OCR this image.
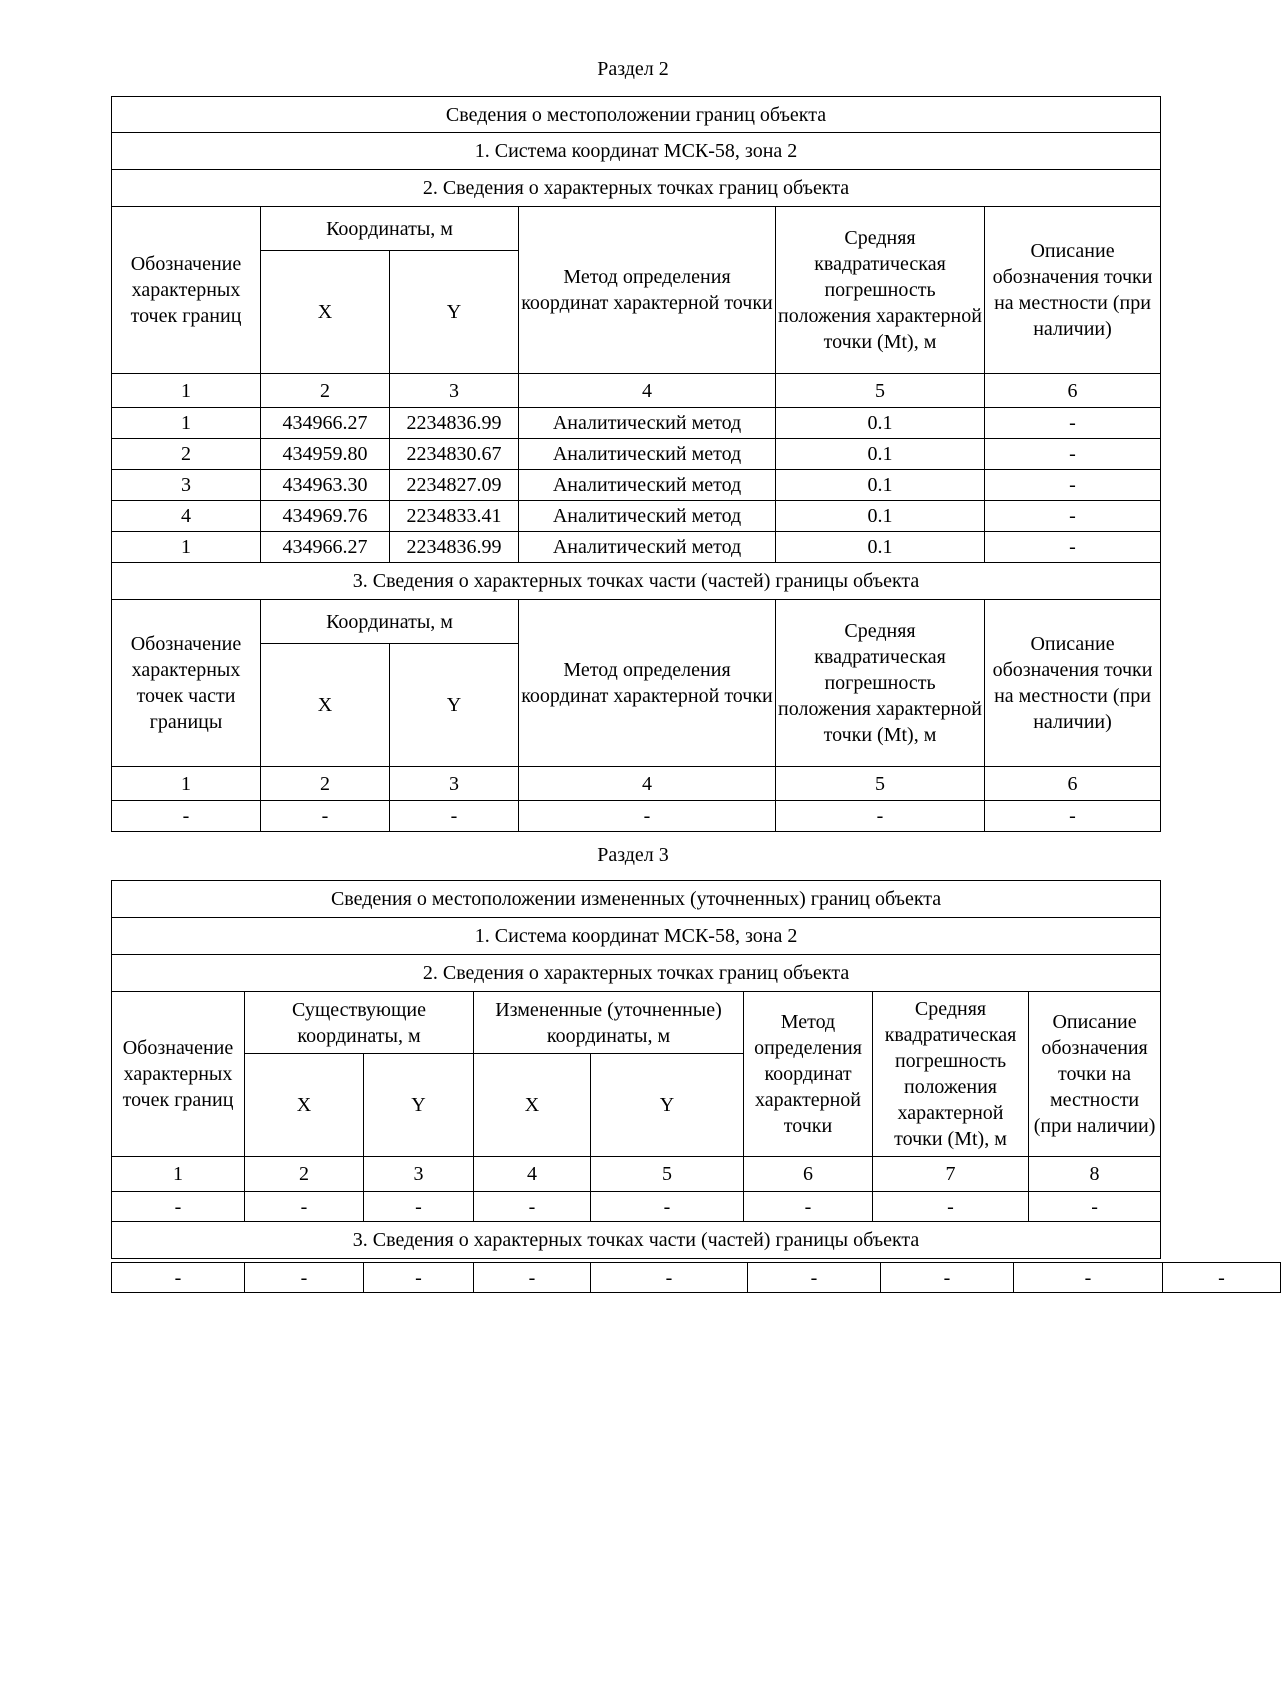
Раздел 2
Сведения о местоположении границ объекта					
1. Система координат МСК-58, зона 2					
2. Сведения о характерных точках границ объекта					
Обозначение характерных точек границ	Координаты, м		Метод определения координат характерной точки	Средняя квадратическая погрешность положения характерной точки (Mt), м	Описание обозначения точки на местности (при наличии)
	X	Y			
1	2	3	4	5	6
1	434966.27	2234836.99	Аналитический метод	0.1	-
2	434959.80	2234830.67	Аналитический метод	0.1	-
3	434963.30	2234827.09	Аналитический метод	0.1	-
4	434969.76	2234833.41	Аналитический метод	0.1	-
1	434966.27	2234836.99	Аналитический метод	0.1	-
3. Сведения о характерных точках части (частей) границы объекта					
Обозначение характерных точек части границы	Координаты, м		Метод определения координат характерной точки	Средняя квадратическая погрешность положения характерной точки (Mt), м	Описание обозначения точки на местности (при наличии)
	X	Y			
1	2	3	4	5	6
-	-	-	-	-	-
Раздел 3
Сведения о местоположении измененных (уточненных) границ объекта							
1. Система координат МСК-58, зона 2							
2. Сведения о характерных точках границ объекта							
Обозначение характерных точек границ	Существующие координаты, м		Измененные (уточненные) координаты, м		Метод определения координат характерной точки	Средняя квадратическая погрешность положения характерной точки (Mt), м	Описание обозначения точки на местности (при наличии)
	X	Y	X	Y			
1	2	3	4	5	6	7	8
-	-	-	-	-	-	-	-
3. Сведения о характерных точках части (частей) границы объекта							
-	-	-	-	-	-	-	-	-
